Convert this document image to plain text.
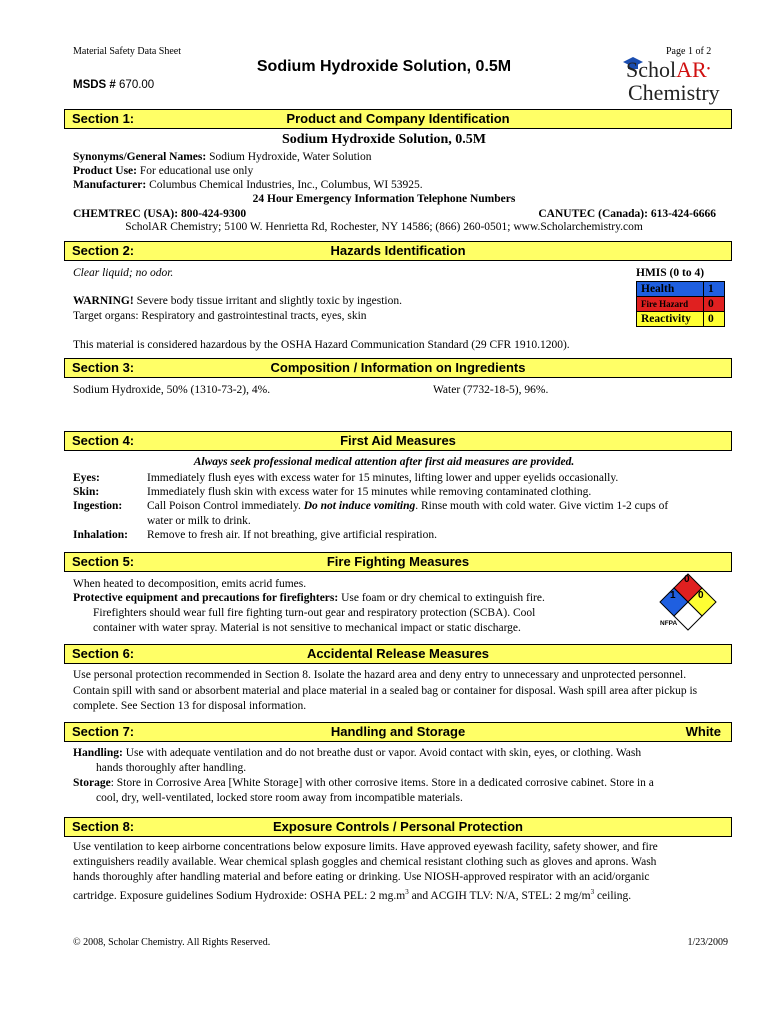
Material Safety Data Sheet	Page 1 of 2
Sodium Hydroxide Solution, 0.5M
MSDS # 670.00
ScholAR•
Chemistry
Section 1:	Product and Company Identification
Sodium Hydroxide Solution, 0.5M
Synonyms/General Names: Sodium Hydroxide, Water Solution
Product Use: For educational use only
Manufacturer: Columbus Chemical Industries, Inc., Columbus, WI 53925.
24 Hour Emergency Information Telephone Numbers
CHEMTREC (USA): 800-424-9300	CANUTEC (Canada): 613-424-6666
ScholAR Chemistry; 5100 W. Henrietta Rd, Rochester, NY 14586; (866) 260-0501; www.Scholarchemistry.com
Section 2:	Hazards Identification
Clear liquid; no odor.
WARNING! Severe body tissue irritant and slightly toxic by ingestion.
Target organs: Respiratory and gastrointestinal tracts, eyes, skin
This material is considered hazardous by the OSHA Hazard Communication Standard (29 CFR 1910.1200).
HMIS (0 to 4)
Health	1
Fire Hazard	0
Reactivity	0
Section 3:	Composition / Information on Ingredients
Sodium Hydroxide, 50% (1310-73-2), 4%.	Water (7732-18-5), 96%.
Section 4:	First Aid Measures
Always seek professional medical attention after first aid measures are provided.
Eyes:	Immediately flush eyes with excess water for 15 minutes, lifting lower and upper eyelids occasionally.
Skin:	Immediately flush skin with excess water for 15 minutes while removing contaminated clothing.
Ingestion: Call Poison Control immediately. Do not induce vomiting. Rinse mouth with cold water. Give victim 1-2 cups of
water or milk to drink.
Inhalation: Remove to fresh air. If not breathing, give artificial respiration.
Section 5:	Fire Fighting Measures
When heated to decomposition, emits acrid fumes.
Protective equipment and precautions for firefighters: Use foam or dry chemical to extinguish fire.
Firefighters should wear full fire fighting turn-out gear and respiratory protection (SCBA). Cool
container with water spray. Material is not sensitive to mechanical impact or static discharge.
0
1 0
NFPA
Section 6:	Accidental Release Measures
Use personal protection recommended in Section 8. Isolate the hazard area and deny entry to unnecessary and unprotected personnel. Contain spill with sand or absorbent material and place material in a sealed bag or container for disposal. Wash spill area after pickup is complete. See Section 13 for disposal information.
Section 7:	Handling and Storage	White
Handling: Use with adequate ventilation and do not breathe dust or vapor. Avoid contact with skin, eyes, or clothing. Wash
hands thoroughly after handling.
Storage: Store in Corrosive Area [White Storage] with other corrosive items. Store in a dedicated corrosive cabinet. Store in a
cool, dry, well-ventilated, locked store room away from incompatible materials.
Section 8:	Exposure Controls / Personal Protection
Use ventilation to keep airborne concentrations below exposure limits. Have approved eyewash facility, safety shower, and fire
extinguishers readily available. Wear chemical splash goggles and chemical resistant clothing such as gloves and aprons. Wash
hands thoroughly after handling material and before eating or drinking. Use NIOSH-approved respirator with an acid/organic
cartridge. Exposure guidelines Sodium Hydroxide: OSHA PEL: 2 $mg.m^3$ and ACGIH TLV: N/A, STEL: 2 $mg/m^3$ ceiling.
© 2008, Scholar Chemistry. All Rights Reserved.	1/23/2009
